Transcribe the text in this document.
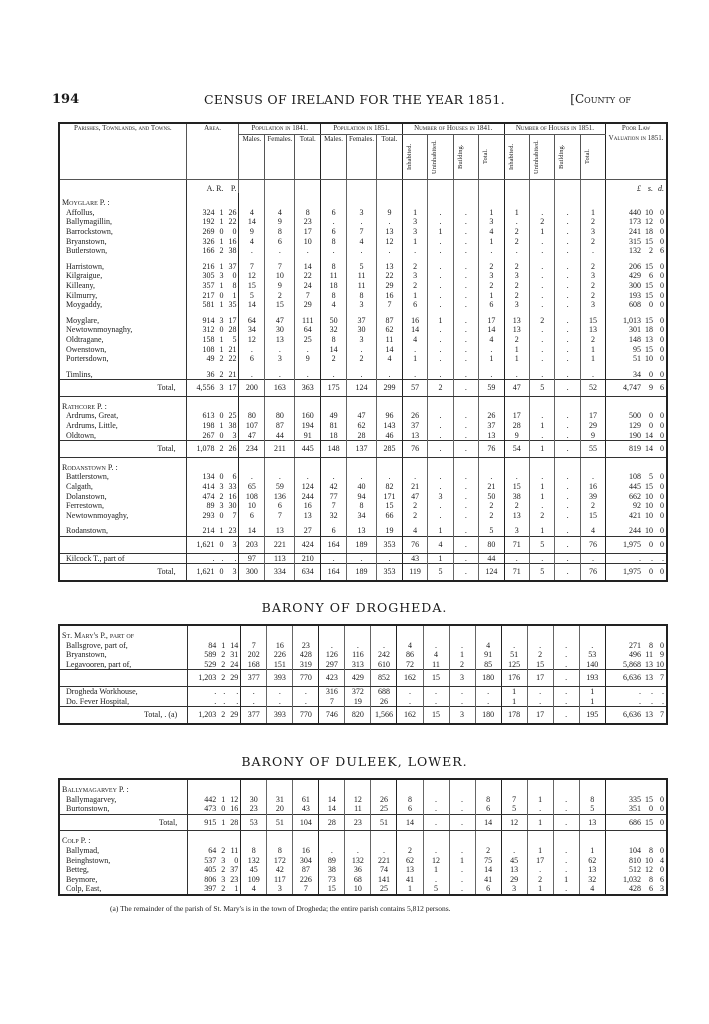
194	CENSUS OF IRELAND FOR THE YEAR 1851.	[County of
Parishes, Townlands, and Towns.	Area.	Population in 1841.			Population in 1851.			Number of Houses in 1841.				Number of Houses in 1851.				Poor Law Valuation in 1851.
		Males.	Females.	Total.	Males.	Females.	Total.	Inhabited.	Uninhabited.	Building.	Total.	Inhabited.	Uninhabited.	Building.	Total.	

	A. R. P.															£ s. d.
Moyglare P. :																
Affollus,	324 1 26	4	4	8	6	3	9	1	.	.	1	1	.	.	1	440 10 0
Ballymagillin,	192 1 22	14	9	23	.	.	.	3	.	.	3	.	2	.	2	173 12 0
Barrockstown,	269 0 0	9	8	17	6	7	13	3	1	.	4	2	1	.	3	241 18 0
Bryanstown,	326 1 16	4	6	10	8	4	12	1	.	.	1	2	.	.	2	315 15 0
Butlerstown,	166 2 38	.	.	.	.	.	.	.	.	.	.	.	.	.	.	132 2 6

Harristown,	216 1 37	7	7	14	8	5	13	2	.	.	2	2	.	.	2	206 15 0
Kilgraigue,	305 3 0	12	10	22	11	11	22	3	.	.	3	3	.	.	3	429 6 0
Killeany,	357 1 8	15	9	24	18	11	29	2	.	.	2	2	.	.	2	300 15 0
Kilmurry,	217 0 1	5	2	7	8	8	16	1	.	.	1	2	.	.	2	193 15 0
Moygaddy,	581 1 35	14	15	29	4	3	7	6	.	.	6	3	.	.	3	608 0 0

Moyglare,	914 3 17	64	47	111	50	37	87	16	1	.	17	13	2	.	15	1,013 15 0
Newtownmoynaghy,	312 0 28	34	30	64	32	30	62	14	.	.	14	13	.	.	13	301 18 0
Oldtragane,	158 1 5	12	13	25	8	3	11	4	.	.	4	2	.	.	2	148 13 0
Owenstown,	108 1 21	.	.	.	14	.	14	.	.	.	.	1	.	.	1	95 15 0
Portersdown,	49 2 22	6	3	9	2	2	4	1	.	.	1	1	.	.	1	51 10 0

Timlins,	36 2 21	.	.	.	.	.	.	.	.	.	.	.	.	.	.	34 0 0
Total,	4,556 3 17	200	163	363	175	124	299	57	2	.	59	47	5	.	52	4,747 9 6
Rathcore P. :																
Ardrums, Great,	613 0 25	80	80	160	49	47	96	26	.	.	26	17	.	.	17	500 0 0
Ardrums, Little,	198 1 38	107	87	194	81	62	143	37	.	.	37	28	1	.	29	129 0 0
Oldtown,	267 0 3	47	44	91	18	28	46	13	.	.	13	9	.	.	9	190 14 0
Total,	1,078 2 26	234	211	445	148	137	285	76	.	.	76	54	1	.	55	819 14 0
Rodanstown P. :																
Battlerstown,	134 0 6	.	.	.	.	.	.	.	.	.	.	.	.	.	.	108 5 0
Calgath,	414 3 33	65	59	124	42	40	82	21	.	.	21	15	1	.	16	445 15 0
Dolanstown,	474 2 16	108	136	244	77	94	171	47	3	.	50	38	1	.	39	662 10 0
Ferrestown,	89 3 30	10	6	16	7	8	15	2	.	.	2	2	.	.	2	92 10 0
Newtownmoyaghy,	293 0 7	6	7	13	32	34	66	2	.	.	2	13	2	.	15	421 10 0

Rodanstown,	214 1 23	14	13	27	6	13	19	4	1	.	5	3	1	.	4	244 10 0
	1,621 0 3	203	221	424	164	189	353	76	4	.	80	71	5	.	76	1,975 0 0
Kilcock T., part of	. . .	97	113	210	.	.	.	43	1	.	44	.	.	.	.	. . .
Total,	1,621 0 3	300	334	634	164	189	353	119	5	.	124	71	5	.	76	1,975 0 0
BARONY OF DROGHEDA.
St. Mary's P., part of																
Ballsgrove, part of,	84 1 14	7	16	23	.	.	.	4	.	.	4	.	.	.	.	271 8 0
Bryanstown,	589 2 31	202	226	428	126	116	242	86	4	1	91	51	2	.	53	496 11 9
Legavooren, part of,	529 2 24	168	151	319	297	313	610	72	11	2	85	125	15	.	140	5,868 13 10
	1,203 2 29	377	393	770	423	429	852	162	15	3	180	176	17	.	193	6,636 13 7
Drogheda Workhouse,	. . .	.	.	.	316	372	688	.	.	.	.	1	.	.	1	. . .
Do. Fever Hospital,	. . .	.	.	.	7	19	26	.	.	.	.	1	.	.	1	. . .
Total, . (a)	1,203 2 29	377	393	770	746	820	1,566	162	15	3	180	178	17	.	195	6,636 13 7
BARONY OF DULEEK, LOWER.
Ballymagarvey P. :																
Ballymagarvey,	442 1 12	30	31	61	14	12	26	8	.	.	8	7	1	.	8	335 15 0
Burtonstown,	473 0 16	23	20	43	14	11	25	6	.	.	6	5	.	.	5	351 0 0
Total,	915 1 28	53	51	104	28	23	51	14	.	.	14	12	1	.	13	686 15 0
Colp P. :																
Ballymad,	64 2 11	8	8	16	.	.	.	2	.	.	2	.	1	.	1	104 8 0
Beinghstown,	537 3 0	132	172	304	89	132	221	62	12	1	75	45	17	.	62	810 10 4
Betteg,	405 2 37	45	42	87	38	36	74	13	1	.	14	13	.	.	13	512 12 0
Beymore,	806 3 23	109	117	226	73	68	141	41	.	.	41	29	2	1	32	1,032 8 6
Colp, East,	397 2 1	4	3	7	15	10	25	1	5	.	6	3	1	.	4	428 6 3
(a) The remainder of the parish of St. Mary's is in the town of Drogheda; the entire parish contains 5,812 persons.
